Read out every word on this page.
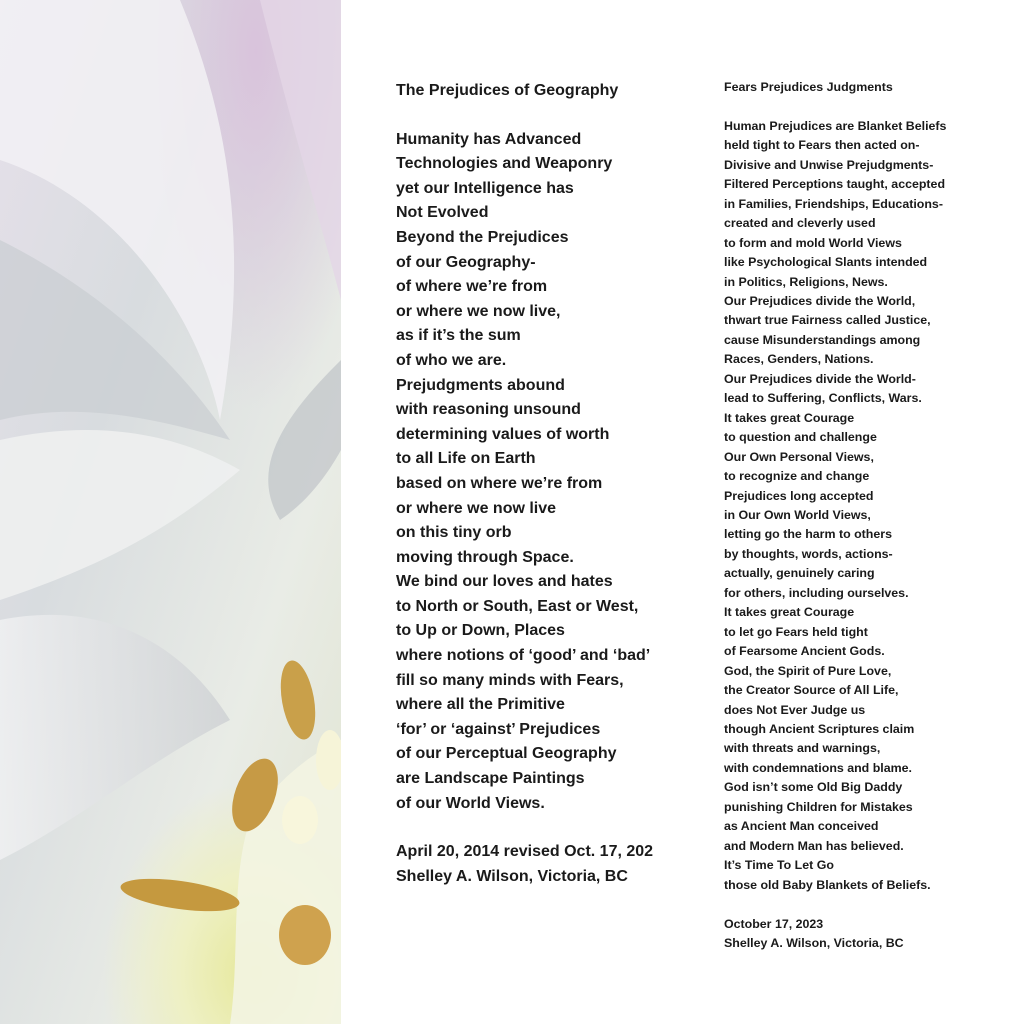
The Prejudices of Geography
Humanity has Advanced
Technologies and Weaponry
yet our Intelligence has
Not Evolved
Beyond the Prejudices
of our Geography-
of where we’re from
or where we now live,
as if it’s the sum
of who we are.
Prejudgments abound
with reasoning unsound
determining values of worth
to all Life on Earth
based on where we’re from
or where we now live
on this tiny orb
moving through Space.
We bind our loves and hates
to North or South, East or West,
to Up or Down, Places
where notions of ‘good’ and ‘bad’
fill so many minds with Fears,
where all the Primitive
‘for’ or ‘against’ Prejudices
of our Perceptual Geography
are Landscape Paintings
of our World Views.
April 20, 2014 revised Oct. 17, 202
Shelley A. Wilson, Victoria, BC
Fears Prejudices Judgments
Human Prejudices are Blanket Beliefs
held tight to Fears then acted on-
Divisive and Unwise Prejudgments-
Filtered Perceptions taught, accepted
in Families, Friendships, Educations-
created and cleverly used
to form and mold World Views
like Psychological Slants intended
in Politics, Religions, News.
Our Prejudices divide the World,
thwart true Fairness called Justice,
cause Misunderstandings among
Races, Genders, Nations.
Our Prejudices divide the World-
lead to Suffering, Conflicts, Wars.
It takes great Courage
to question and challenge
Our Own Personal Views,
to recognize and change
Prejudices long accepted
in Our Own World Views,
letting go the harm to others
by thoughts, words, actions-
actually, genuinely caring
for others, including ourselves.
It takes great Courage
to let go Fears held tight
of Fearsome Ancient Gods.
God, the Spirit of Pure Love,
the Creator Source of All Life,
does Not Ever Judge us
though Ancient Scriptures claim
with threats and warnings,
with condemnations and blame.
God isn’t some Old Big Daddy
punishing Children for Mistakes
as Ancient Man conceived
and Modern Man has believed.
It’s Time To Let Go
those old Baby Blankets of Beliefs.
October 17, 2023
Shelley A. Wilson, Victoria, BC
